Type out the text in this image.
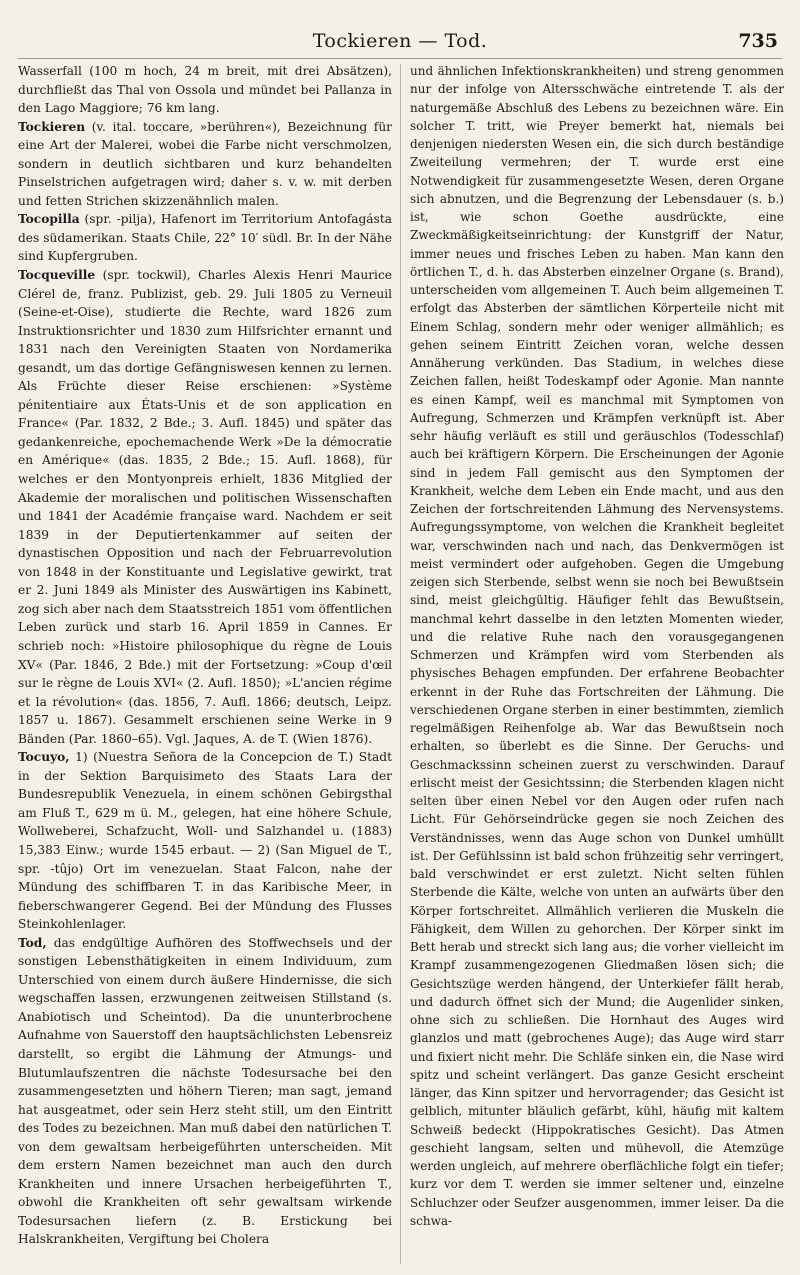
Tockieren — Tod.	735

Wasserfall (100 m hoch, 24 m breit, mit drei Absätzen), durchfließt das Thal von Ossola und mündet bei Pallanza in den Lago Maggiore; 76 km lang.

Tockieren (v. ital. toccare, »berühren«), Bezeichnung für eine Art der Malerei, wobei die Farbe nicht verschmolzen, sondern in deutlich sichtbaren und kurz behandelten Pinselstrichen aufgetragen wird; daher s. v. w. mit derben und fetten Strichen skizzenähnlich malen.

Tocopilla (spr. -pilja), Hafenort im Territorium Antofagásta des südamerikan. Staats Chile, 22° 10′ südl. Br. In der Nähe sind Kupfergruben.

Tocqueville (spr. tockwil), Charles Alexis Henri Maurice Clérel de, franz. Publizist, geb. 29. Juli 1805 zu Verneuil (Seine-et-Oise), studierte die Rechte, ward 1826 zum Instruktionsrichter und 1830 zum Hilfsrichter ernannt und 1831 nach den Vereinigten Staaten von Nordamerika gesandt, um das dortige Gefängniswesen kennen zu lernen. Als Früchte dieser Reise erschienen: »Système pénitentiaire aux États-Unis et de son application en France« (Par. 1832, 2 Bde.; 3. Aufl. 1845) und später das gedankenreiche, epochemachende Werk »De la démocratie en Amérique« (das. 1835, 2 Bde.; 15. Aufl. 1868), für welches er den Montyonpreis erhielt, 1836 Mitglied der Akademie der moralischen und politischen Wissenschaften und 1841 der Académie française ward. Nachdem er seit 1839 in der Deputiertenkammer auf seiten der dynastischen Opposition und nach der Februarrevolution von 1848 in der Konstituante und Legislative gewirkt, trat er 2. Juni 1849 als Minister des Auswärtigen ins Kabinett, zog sich aber nach dem Staatsstreich 1851 vom öffentlichen Leben zurück und starb 16. April 1859 in Cannes. Er schrieb noch: »Histoire philosophique du règne de Louis XV« (Par. 1846, 2 Bde.) mit der Fortsetzung: »Coup d'œil sur le règne de Louis XVI« (2. Aufl. 1850); »L'ancien régime et la révolution« (das. 1856, 7. Aufl. 1866; deutsch, Leipz. 1857 u. 1867). Gesammelt erschienen seine Werke in 9 Bänden (Par. 1860–65). Vgl. Jaques, A. de T. (Wien 1876).

Tocuyo, 1) (Nuestra Señora de la Concepcion de T.) Stadt in der Sektion Barquisimeto des Staats Lara der Bundesrepublik Venezuela, in einem schönen Gebirgsthal am Fluß T., 629 m ü. M., gelegen, hat eine höhere Schule, Wollweberei, Schafzucht, Woll- und Salzhandel u. (1883) 15,383 Einw.; wurde 1545 erbaut. — 2) (San Miguel de T., spr. -tûjo) Ort im venezuelan. Staat Falcon, nahe der Mündung des schiffbaren T. in das Karibische Meer, in fieberschwangerer Gegend. Bei der Mündung des Flusses Steinkohlenlager.

Tod, das endgültige Aufhören des Stoffwechsels und der sonstigen Lebensthätigkeiten in einem Individuum, zum Unterschied von einem durch äußere Hindernisse, die sich wegschaffen lassen, erzwungenen zeitweisen Stillstand (s. Anabiotisch und Scheintod). Da die ununterbrochene Aufnahme von Sauerstoff den hauptsächlichsten Lebensreiz darstellt, so ergibt die Lähmung der Atmungs- und Blutumlaufszentren die nächste Todesursache bei den zusammengesetzten und höhern Tieren; man sagt, jemand hat ausgeatmet, oder sein Herz steht still, um den Eintritt des Todes zu bezeichnen. Man muß dabei den natürlichen T. von dem gewaltsam herbeigeführten unterscheiden. Mit dem erstern Namen bezeichnet man auch den durch Krankheiten und innere Ursachen herbeigeführten T., obwohl die Krankheiten oft sehr gewaltsam wirkende Todesursachen liefern (z. B. Erstickung bei Halskrankheiten, Vergiftung bei Cholera

und ähnlichen Infektionskrankheiten) und streng genommen nur der infolge von Altersschwäche eintretende T. als der naturgemäße Abschluß des Lebens zu bezeichnen wäre. Ein solcher T. tritt, wie Preyer bemerkt hat, niemals bei denjenigen niedersten Wesen ein, die sich durch beständige Zweiteilung vermehren; der T. wurde erst eine Notwendigkeit für zusammengesetzte Wesen, deren Organe sich abnutzen, und die Begrenzung der Lebensdauer (s. b.) ist, wie schon Goethe ausdrückte, eine Zweckmäßigkeitseinrichtung: der Kunstgriff der Natur, immer neues und frisches Leben zu haben. Man kann den örtlichen T., d. h. das Absterben einzelner Organe (s. Brand), unterscheiden vom allgemeinen T. Auch beim allgemeinen T. erfolgt das Absterben der sämtlichen Körperteile nicht mit Einem Schlag, sondern mehr oder weniger allmählich; es gehen seinem Eintritt Zeichen voran, welche dessen Annäherung verkünden. Das Stadium, in welches diese Zeichen fallen, heißt Todeskampf oder Agonie. Man nannte es einen Kampf, weil es manchmal mit Symptomen von Aufregung, Schmerzen und Krämpfen verknüpft ist. Aber sehr häufig verläuft es still und geräuschlos (Todesschlaf) auch bei kräftigern Körpern. Die Erscheinungen der Agonie sind in jedem Fall gemischt aus den Symptomen der Krankheit, welche dem Leben ein Ende macht, und aus den Zeichen der fortschreitenden Lähmung des Nervensystems. Aufregungssymptome, von welchen die Krankheit begleitet war, verschwinden nach und nach, das Denkvermögen ist meist vermindert oder aufgehoben. Gegen die Umgebung zeigen sich Sterbende, selbst wenn sie noch bei Bewußtsein sind, meist gleichgültig. Häufiger fehlt das Bewußtsein, manchmal kehrt dasselbe in den letzten Momenten wieder, und die relative Ruhe nach den vorausgegangenen Schmerzen und Krämpfen wird vom Sterbenden als physisches Behagen empfunden. Der erfahrene Beobachter erkennt in der Ruhe das Fortschreiten der Lähmung. Die verschiedenen Organe sterben in einer bestimmten, ziemlich regelmäßigen Reihenfolge ab. War das Bewußtsein noch erhalten, so überlebt es die Sinne. Der Geruchs- und Geschmackssinn scheinen zuerst zu verschwinden. Darauf erlischt meist der Gesichtssinn; die Sterbenden klagen nicht selten über einen Nebel vor den Augen oder rufen nach Licht. Für Gehörseindrücke gegen sie noch Zeichen des Verständnisses, wenn das Auge schon von Dunkel umhüllt ist. Der Gefühlssinn ist bald schon frühzeitig sehr verringert, bald verschwindet er erst zuletzt. Nicht selten fühlen Sterbende die Kälte, welche von unten an aufwärts über den Körper fortschreitet. Allmählich verlieren die Muskeln die Fähigkeit, dem Willen zu gehorchen. Der Körper sinkt im Bett herab und streckt sich lang aus; die vorher vielleicht im Krampf zusammengezogenen Gliedmaßen lösen sich; die Gesichtszüge werden hängend, der Unterkiefer fällt herab, und dadurch öffnet sich der Mund; die Augenlider sinken, ohne sich zu schließen. Die Hornhaut des Auges wird glanzlos und matt (gebrochenes Auge); das Auge wird starr und fixiert nicht mehr. Die Schläfe sinken ein, die Nase wird spitz und scheint verlängert. Das ganze Gesicht erscheint länger, das Kinn spitzer und hervorragender; das Gesicht ist gelblich, mitunter bläulich gefärbt, kühl, häufig mit kaltem Schweiß bedeckt (Hippokratisches Gesicht). Das Atmen geschieht langsam, selten und mühevoll, die Atemzüge werden ungleich, auf mehrere oberflächliche folgt ein tiefer; kurz vor dem T. werden sie immer seltener und, einzelne Schluchzer oder Seufzer ausgenommen, immer leiser. Da die schwa-
